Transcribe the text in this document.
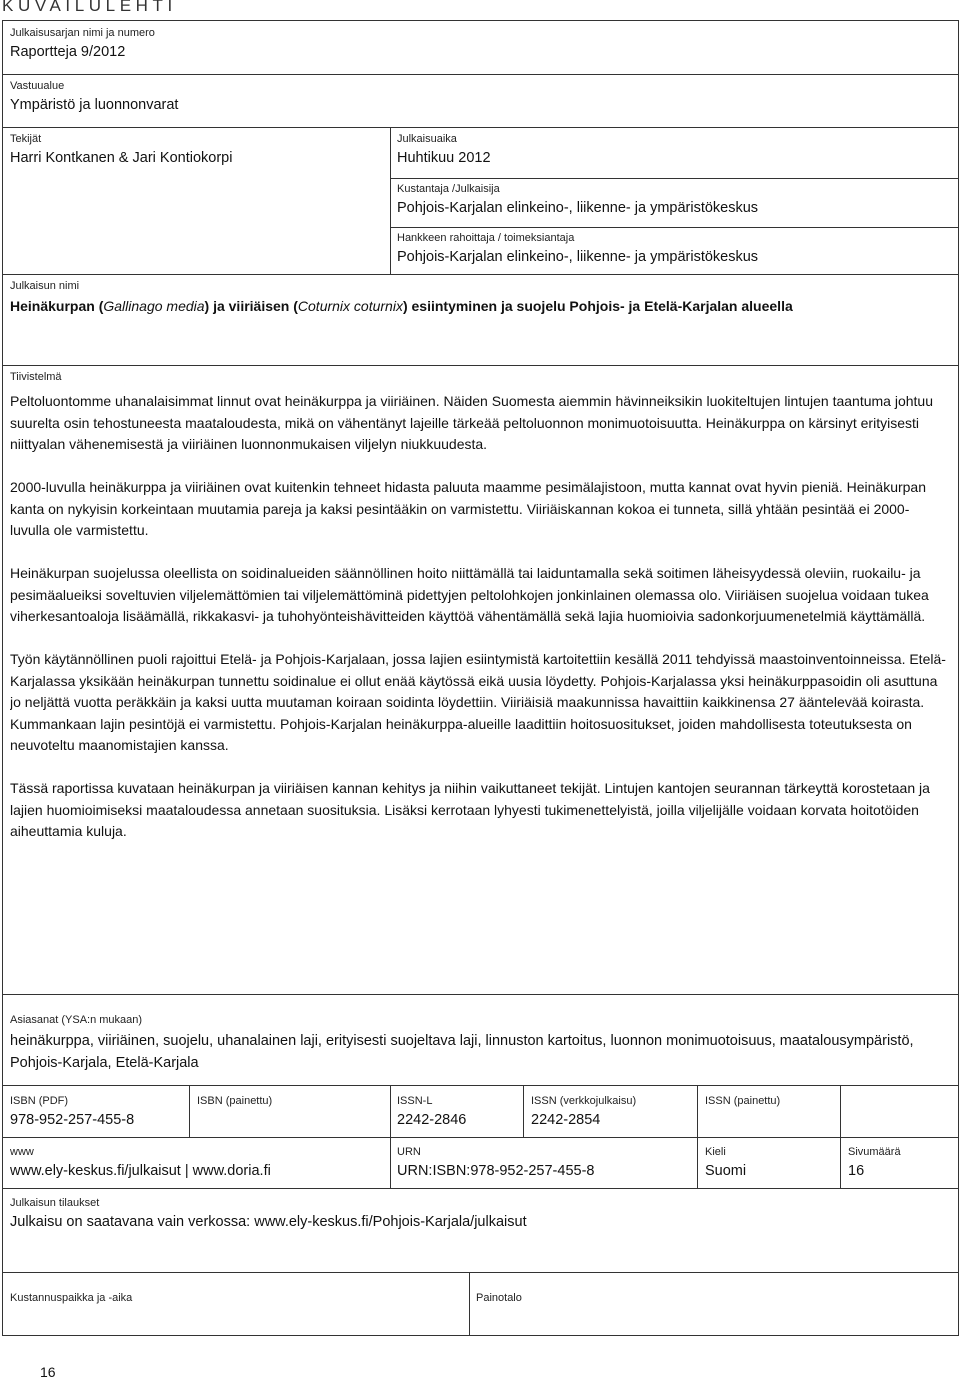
KUVAILULEHTI
Julkaisusarjan nimi ja numero
Raportteja 9/2012
Vastuualue
Ympäristö ja luonnonvarat
Tekijät
Harri Kontkanen & Jari Kontiokorpi
Julkaisuaika
Huhtikuu 2012
Kustantaja /Julkaisija
Pohjois-Karjalan elinkeino-, liikenne- ja ympäristökeskus
Hankkeen rahoittaja / toimeksiantaja
Pohjois-Karjalan elinkeino-, liikenne- ja ympäristökeskus
Julkaisun nimi
Heinäkurpan (Gallinago media) ja viiriäisen (Coturnix coturnix) esiintyminen ja suojelu Pohjois- ja Etelä-Karjalan alueella
Tiivistelmä

Peltoluontomme uhanalaisimmat linnut ovat heinäkurppa ja viiriäinen. Näiden Suomesta aiemmin hävinneiksikin luokiteltujen lintujen taantuma johtuu suurelta osin tehostuneesta maataloudesta, mikä on vähentänyt lajeille tärkeää peltoluonnon monimuotoisuutta. Heinäkurppa on kärsinyt erityisesti niittyalan vähenemisestä ja viiriäinen luonnonmukaisen viljelyn niukkuudesta.

2000-luvulla heinäkurppa ja viiriäinen ovat kuitenkin tehneet hidasta paluuta maamme pesimälajistoon, mutta kannat ovat hyvin pieniä. Heinäkurpan kanta on nykyisin korkeintaan muutamia pareja ja kaksi pesintääkin on varmistettu. Viiriäiskannan kokoa ei tunneta, sillä yhtään pesintää ei 2000-luvulla ole varmistettu.

Heinäkurpan suojelussa oleellista on soidinalueiden säännöllinen hoito niittämällä tai laiduntamalla sekä soitimen läheisyydessä oleviin, ruokailu- ja pesimäalueiksi soveltuvien viljelemättömien tai viljelemättöminä pidettyjen peltolohkojen jonkinlainen olemassa olo. Viiriäisen suojelua voidaan tukea viherkesantoaloja lisäämällä, rikkakasvi- ja tuhohyönteishävitteiden käyttöä vähentämällä sekä lajia huomioivia sadonkorjuumenetelmiä käyttämällä.

Työn käytännöllinen puoli rajoittui Etelä- ja Pohjois-Karjalaan, jossa lajien esiintymistä kartoitettiin kesällä 2011 tehdyissä maastoinventoinneissa. Etelä-Karjalassa yksikään heinäkurpan tunnettu soidinalue ei ollut enää käytössä eikä uusia löydetty. Pohjois-Karjalassa yksi heinäkurppasoidin oli asuttuna jo neljättä vuotta peräkkäin ja kaksi uutta muutaman koiraan soidinta löydettiin. Viiriäisiä maakunnissa havaittiin kaikkinensa 27 ääntelevää koirasta. Kummankaan lajin pesintöjä ei varmistettu. Pohjois-Karjalan heinäkurppa-alueille laadittiin hoitosuositukset, joiden mahdollisesta toteutuksesta on neuvoteltu maanomistajien kanssa.

Tässä raportissa kuvataan heinäkurpan ja viiriäisen kannan kehitys ja niihin vaikuttaneet tekijät. Lintujen kantojen seurannan tärkeyttä korostetaan ja lajien huomioimiseksi maataloudessa annetaan suosituksia. Lisäksi kerrotaan lyhyesti tukimenettelyistä, joilla viljelijälle voidaan korvata hoitotöiden aiheuttamia kuluja.

Asiasanat (YSA:n mukaan)
heinäkurppa, viiriäinen, suojelu, uhanalainen laji, erityisesti suojeltava laji, linnuston kartoitus, luonnon monimuotoisuus, maatalousympäristö, Pohjois-Karjala, Etelä-Karjala
ISBN (PDF)
978-952-257-455-8
ISBN (painettu)	ISSN-L
2242-2846
ISSN (verkkojulkaisu)
2242-2854
ISSN (painettu)
www
www.ely-keskus.fi/julkaisut | www.doria.fi
URN
URN:ISBN:978-952-257-455-8
Kieli
Suomi
Sivumäärä
16
Julkaisun tilaukset
Julkaisu on saatavana vain verkossa: www.ely-keskus.fi/Pohjois-Karjala/julkaisut
Kustannuspaikka ja -aika	Painotalo
16
